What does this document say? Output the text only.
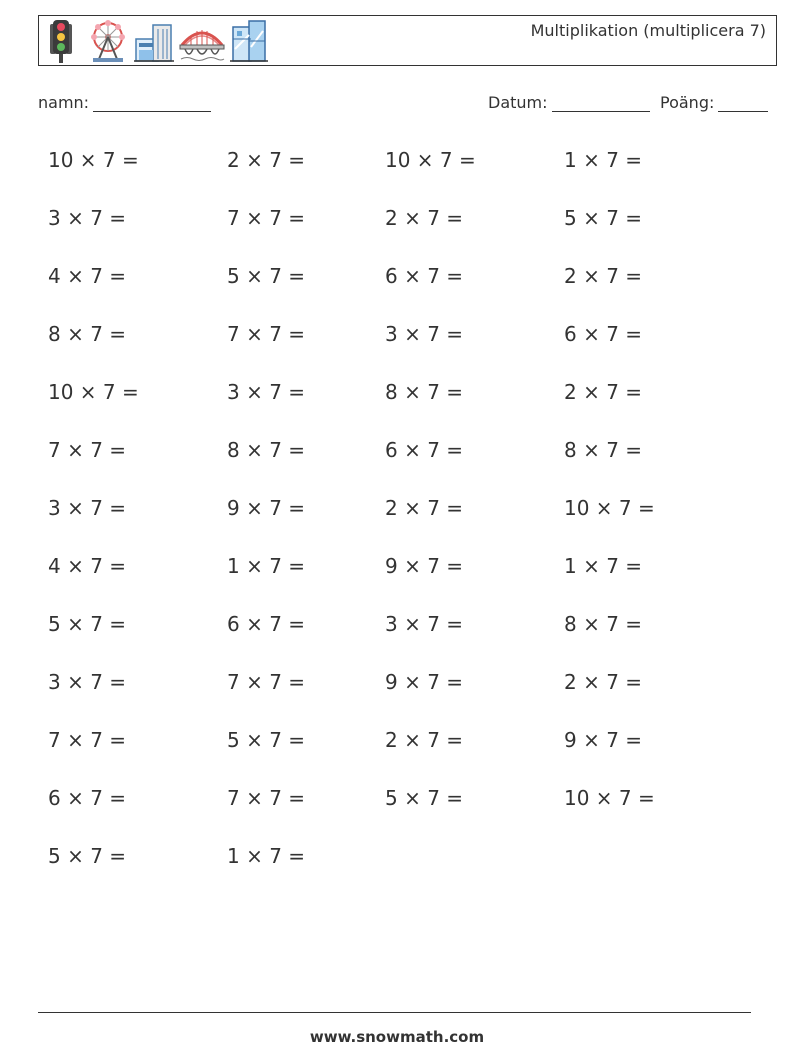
Multiplikation (multiplicera 7)
namn:	Datum:	Poäng:
10 × 7 =	2 × 7 =	10 × 7 =	1 × 7 =
3 × 7 =	7 × 7 =	2 × 7 =	5 × 7 =
4 × 7 =	5 × 7 =	6 × 7 =	2 × 7 =
8 × 7 =	7 × 7 =	3 × 7 =	6 × 7 =
10 × 7 =	3 × 7 =	8 × 7 =	2 × 7 =
7 × 7 =	8 × 7 =	6 × 7 =	8 × 7 =
3 × 7 =	9 × 7 =	2 × 7 =	10 × 7 =
4 × 7 =	1 × 7 =	9 × 7 =	1 × 7 =
5 × 7 =	6 × 7 =	3 × 7 =	8 × 7 =
3 × 7 =	7 × 7 =	9 × 7 =	2 × 7 =
7 × 7 =	5 × 7 =	2 × 7 =	9 × 7 =
6 × 7 =	7 × 7 =	5 × 7 =	10 × 7 =
5 × 7 =	1 × 7 =
www.snowmath.com
